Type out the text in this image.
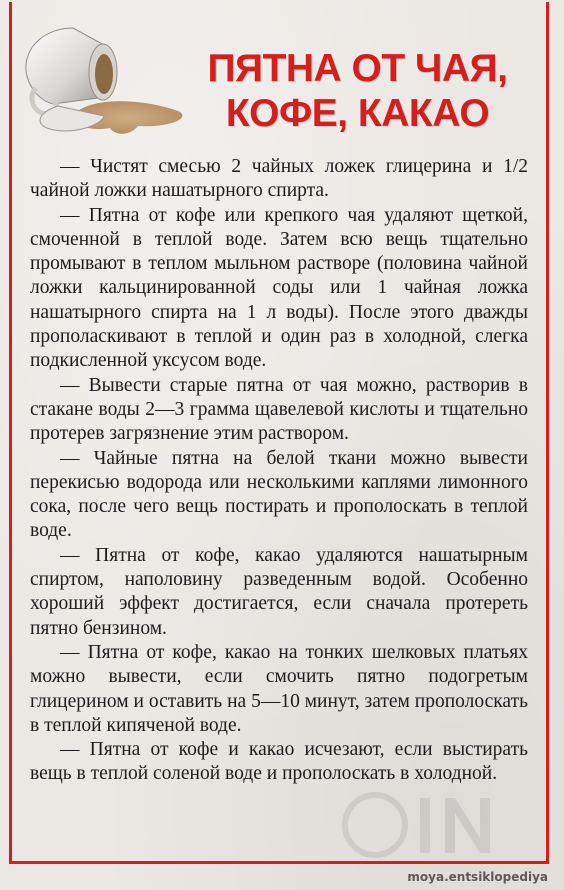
ПЯТНА ОТ ЧАЯ,
КОФЕ, КАКАО

— Чистят смесью 2 чайных ложек глицерина и 1/2 чайной ложки нашатырного спирта.

— Пятна от кофе или крепкого чая удаляют щеткой, смоченной в теплой воде. Затем всю вещь тщательно промывают в теплом мыльном растворе (половина чайной ложки кальцинированной соды или 1 чайная ложка нашатырного спирта на 1 л воды). После этого дважды прополаскивают в теплой и один раз в холодной, слегка подкисленной уксусом воде.

— Вывести старые пятна от чая можно, растворив в стакане воды 2—3 грамма щавелевой кислоты и тщательно протерев загрязнение этим раствором.

— Чайные пятна на белой ткани можно вывести перекисью водорода или несколькими каплями лимонного сока, после чего вещь постирать и прополоскать в теплой воде.

— Пятна от кофе, какао удаляются нашатырным спиртом, наполовину разведенным водой. Особенно хороший эффект достигается, если сначала протереть пятно бензином.

— Пятна от кофе, какао на тонких шелковых платьях можно вывести, если смочить пятно подогретым глицерином и оставить на 5—10 минут, затем прополоскать в теплой кипяченой воде.

— Пятна от кофе и какао исчезают, если выстирать вещь в теплой соленой воде и прополоскать в холодной.

moya.entsiklopediya
